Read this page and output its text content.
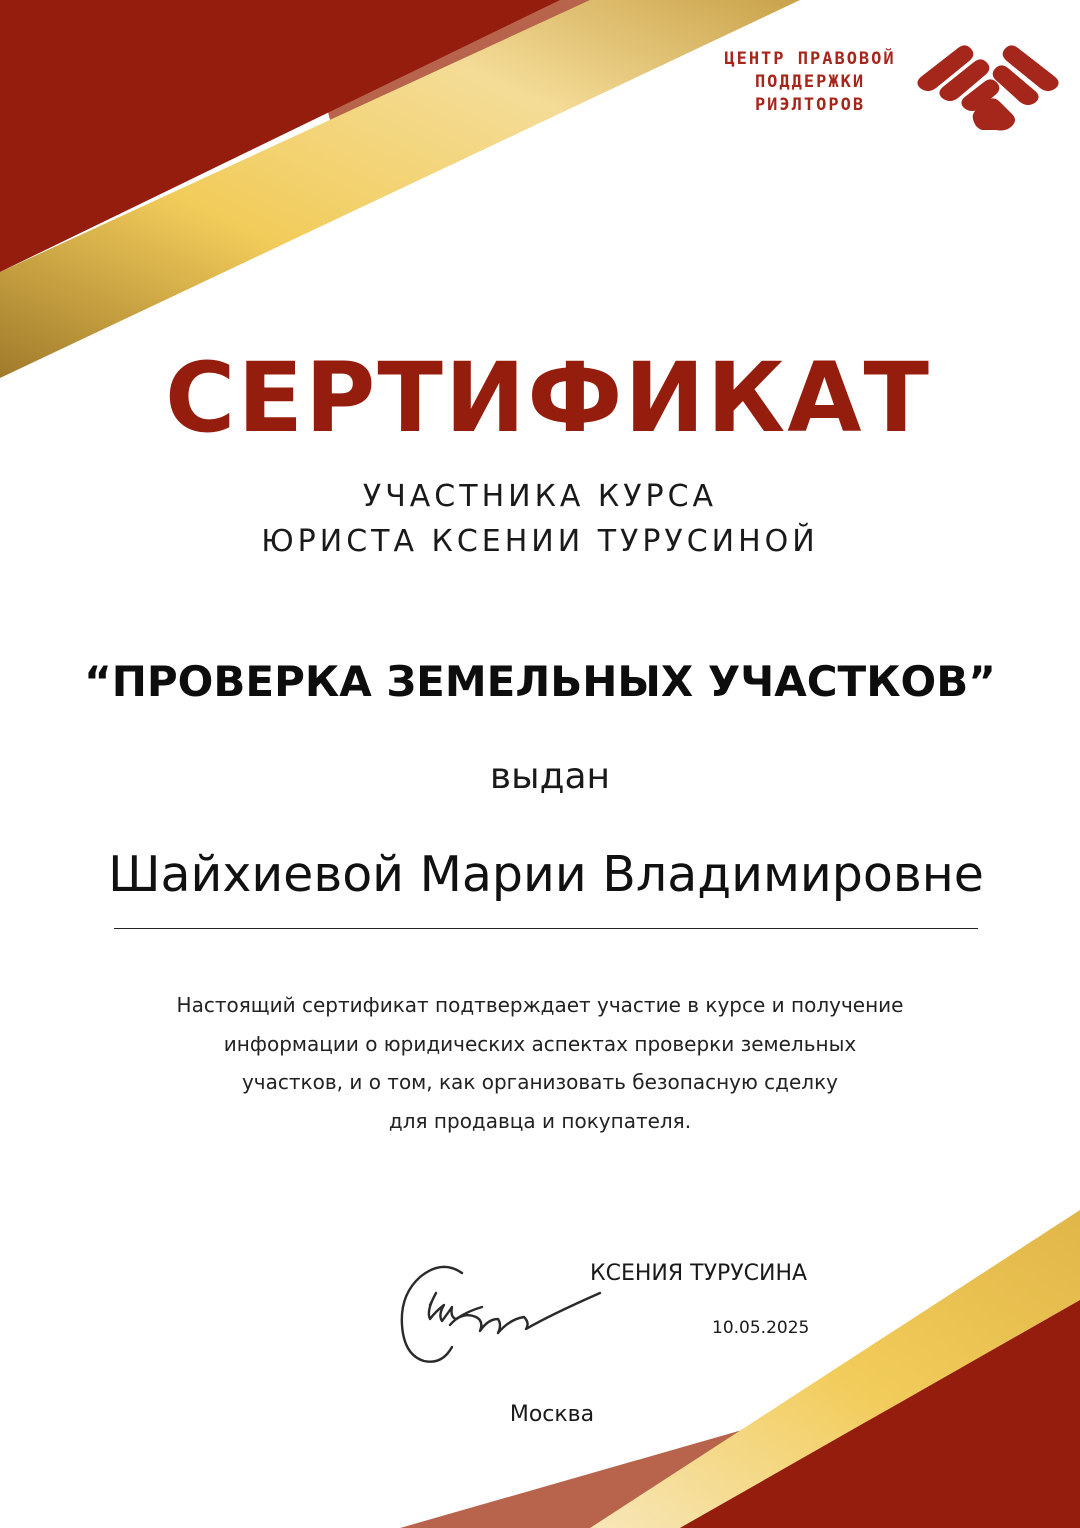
ЦЕНТР ПРАВОВОЙ
ПОДДЕРЖКИ
РИЭЛТОРОВ
СЕРТИФИКАТ
УЧАСТНИКА КУРСА
ЮРИСТА КСЕНИИ ТУРУСИНОЙ
“ПРОВЕРКА ЗЕМЕЛЬНЫХ УЧАСТКОВ”
выдан
Шайхиевой Марии Владимировне
Настоящий сертификат подтверждает участие в курсе и получение
информации о юридических аспектах проверки земельных
участков, и о том, как организовать безопасную сделку
для продавца и покупателя.
КСЕНИЯ ТУРУСИНА
10.05.2025
Москва
